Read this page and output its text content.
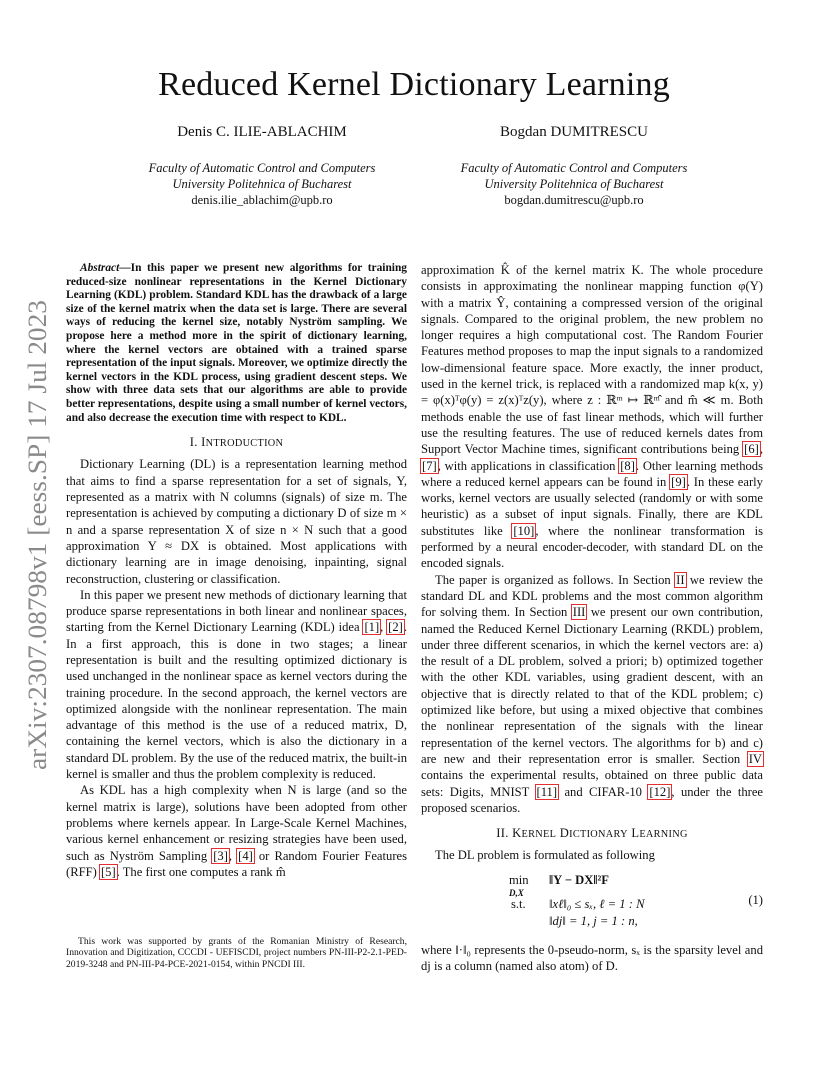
arXiv:2307.08798v1 [eess.SP] 17 Jul 2023
Reduced Kernel Dictionary Learning
Denis C. ILIE-ABLACHIM
Faculty of Automatic Control and Computers
University Politehnica of Bucharest
denis.ilie_ablachim@upb.ro
Bogdan DUMITRESCU
Faculty of Automatic Control and Computers
University Politehnica of Bucharest
bogdan.dumitrescu@upb.ro

Abstract—In this paper we present new algorithms for training reduced-size nonlinear representations in the Kernel Dictionary Learning (KDL) problem. Standard KDL has the drawback of a large size of the kernel matrix when the data set is large. There are several ways of reducing the kernel size, notably Nyström sampling. We propose here a method more in the spirit of dictionary learning, where the kernel vectors are obtained with a trained sparse representation of the input signals. Moreover, we optimize directly the kernel vectors in the KDL process, using gradient descent steps. We show with three data sets that our algorithms are able to provide better representations, despite using a small number of kernel vectors, and also decrease the execution time with respect to KDL.

I. INTRODUCTION

Dictionary Learning (DL) is a representation learning method that aims to find a sparse representation for a set of signals, Y, represented as a matrix with N columns (signals) of size m. The representation is achieved by computing a dictionary D of size m × n and a sparse representation X of size n × N such that a good approximation Y ≈ DX is obtained. Most applications with dictionary learning are in image denoising, inpainting, signal reconstruction, clustering or classification.

In this paper we present new methods of dictionary learning that produce sparse representations in both linear and nonlinear spaces, starting from the Kernel Dictionary Learning (KDL) idea [1], [2]. In a first approach, this is done in two stages; a linear representation is built and the resulting optimized dictionary is used unchanged in the nonlinear space as kernel vectors during the training procedure. In the second approach, the kernel vectors are optimized alongside with the nonlinear representation. The main advantage of this method is the use of a reduced matrix, D, containing the kernel vectors, which is also the dictionary in a standard DL problem. By the use of the reduced matrix, the built-in kernel is smaller and thus the problem complexity is reduced.

As KDL has a high complexity when N is large (and so the kernel matrix is large), solutions have been adopted from other problems where kernels appear. In Large-Scale Kernel Machines, various kernel enhancement or resizing strategies have been used, such as Nyström Sampling [3], [4] or Random Fourier Features (RFF) [5]. The first one computes a rank m̂

This work was supported by grants of the Romanian Ministry of Research, Innovation and Digitization, CCCDI - UEFISCDI, project numbers PN-III-P2-2.1-PED-2019-3248 and PN-III-P4-PCE-2021-0154, within PNCDI III.

approximation K̂ of the kernel matrix K. The whole procedure consists in approximating the nonlinear mapping function φ(Y) with a matrix Ŷ, containing a compressed version of the original signals. Compared to the original problem, the new problem no longer requires a high computational cost. The Random Fourier Features method proposes to map the input signals to a randomized low-dimensional feature space. More exactly, the inner product, used in the kernel trick, is replaced with a randomized map k(x, y) = φ(x)ᵀφ(y) = z(x)ᵀz(y), where z : ℝᵐ ↦ ℝᵐ̂ and m̂ ≪ m. Both methods enable the use of fast linear methods, which will further use the resulting features. The use of reduced kernels dates from Support Vector Machine times, significant contributions being [6], [7], with applications in classification [8]. Other learning methods where a reduced kernel appears can be found in [9]. In these early works, kernel vectors are usually selected (randomly or with some heuristic) as a subset of input signals. Finally, there are KDL substitutes like [10], where the nonlinear transformation is performed by a neural encoder-decoder, with standard DL on the encoded signals.

The paper is organized as follows. In Section II we review the standard DL and KDL problems and the most common algorithm for solving them. In Section III we present our own contribution, named the Reduced Kernel Dictionary Learning (RKDL) problem, under three different scenarios, in which the kernel vectors are: a) the result of a DL problem, solved a priori; b) optimized together with the other KDL variables, using gradient descent, with an objective that is directly related to that of the KDL problem; c) optimized like before, but using a mixed objective that combines the nonlinear representation of the signals with the linear representation of the kernel vectors. The algorithms for b) and c) are new and their representation error is smaller. Section IV contains the experimental results, obtained on three public data sets: Digits, MNIST [11] and CIFAR-10 [12], under the three proposed scenarios.

II. KERNEL DICTIONARY LEARNING

The DL problem is formulated as following

min
D,X
‖Y − DX‖²F
s.t. ‖xℓ‖₀ ≤ sₓ, ℓ = 1 : N
‖dj‖ = 1, j = 1 : n,
(1)

where ‖·‖₀ represents the 0-pseudo-norm, sₓ is the sparsity level and dj is a column (named also atom) of D.
